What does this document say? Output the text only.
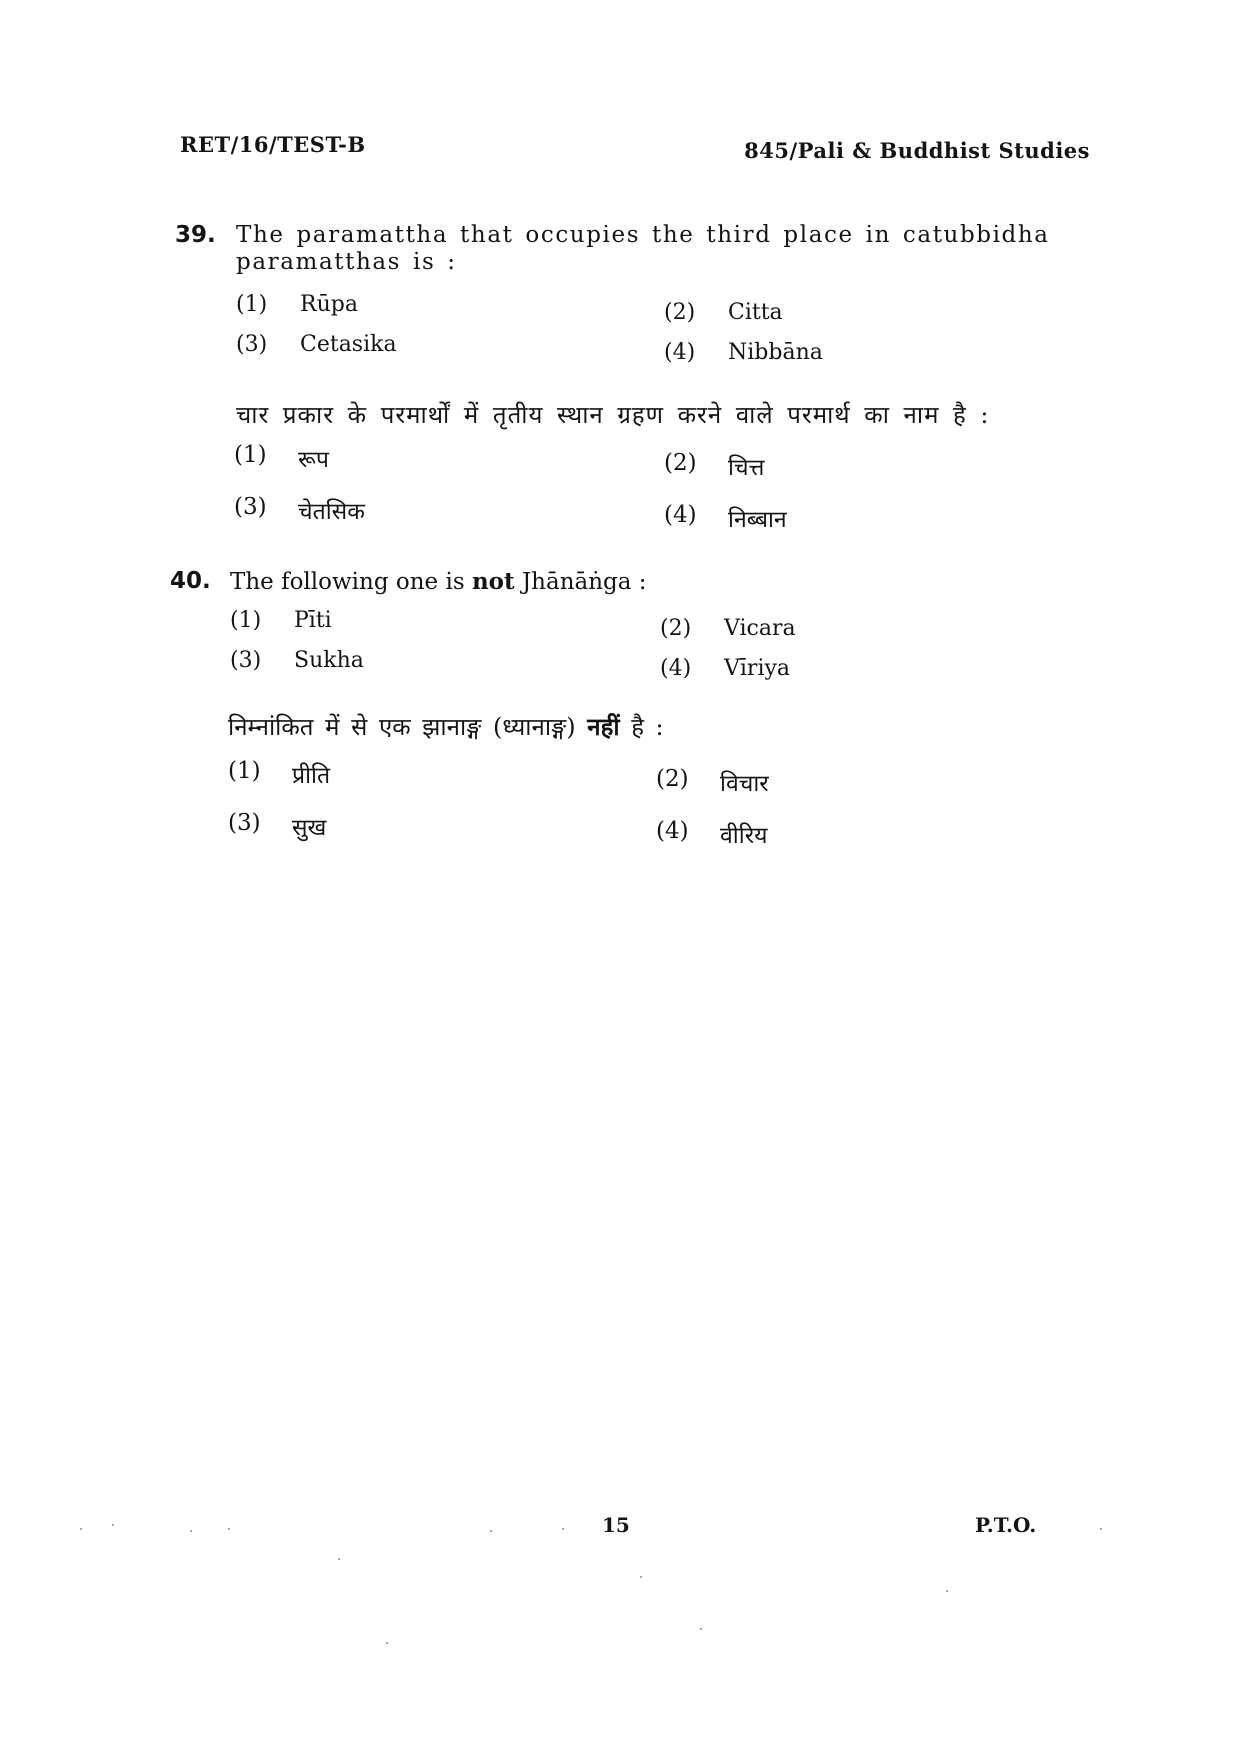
RET/16/TEST-B	845/Pali & Buddhist Studies
39. The paramattha that occupies the third place in catubbidha paramatthas is :
(1) Rūpa	(2) Citta
(3) Cetasika	(4) Nibbāna
चार प्रकार के परमार्थों में तृतीय स्थान ग्रहण करने वाले परमार्थ का नाम है :
(1) रूप	(2) चित्त
(3) चेतसिक	(4) निब्बान
40. The following one is not Jhānāṅga :
(1) Pīti	(2) Vicara
(3) Sukha	(4) Vīriya
निम्नांकित में से एक झानाङ्ग (ध्यानाङ्ग) नहीं है :
(1) प्रीति	(2) विचार
(3) सुख	(4) वीरिय
15	P.T.O.
